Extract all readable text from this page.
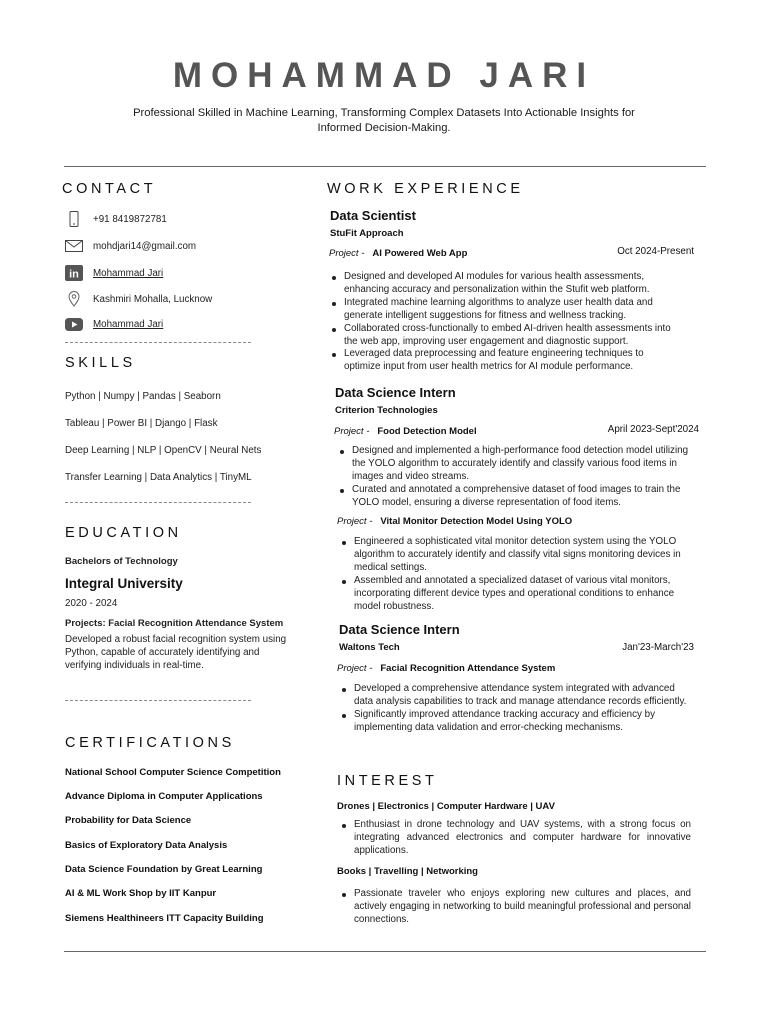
MOHAMMAD JARI
Professional Skilled in Machine Learning, Transforming Complex Datasets Into Actionable Insights for Informed Decision-Making.
CONTACT
+91 8419872781
mohdjari14@gmail.com
in Mohammad Jari
Kashmiri Mohalla, Lucknow
Mohammad Jari
SKILLS
Python | Numpy | Pandas | Seaborn
Tableau | Power BI | Django | Flask
Deep Learning | NLP | OpenCV | Neural Nets
Transfer Learning | Data Analytics | TinyML
EDUCATION
Bachelors of Technology
Integral University
2020 - 2024
Projects: Facial Recognition Attendance System
Developed a robust facial recognition system using Python, capable of accurately identifying and verifying individuals in real-time.
CERTIFICATIONS
National School Computer Science Competition
Advance Diploma in Computer Applications
Probability for Data Science
Basics of Exploratory Data Analysis
Data Science Foundation by Great Learning
AI & ML Work Shop by IIT Kanpur
Siemens Healthineers ITT Capacity Building
WORK EXPERIENCE
Data Scientist
StuFit Approach
Project - AI Powered Web App	Oct 2024-Present
Designed and developed AI modules for various health assessments, enhancing accuracy and personalization within the Stufit web platform.
Integrated machine learning algorithms to analyze user health data and generate intelligent suggestions for fitness and wellness tracking.
Collaborated cross-functionally to embed AI-driven health assessments into the web app, improving user engagement and diagnostic support.
Leveraged data preprocessing and feature engineering techniques to optimize input from user health metrics for AI module performance.
Data Science Intern
Criterion Technologies
Project - Food Detection Model	April 2023-Sept'2024
Designed and implemented a high-performance food detection model utilizing the YOLO algorithm to accurately identify and classify various food items in images and video streams.
Curated and annotated a comprehensive dataset of food images to train the YOLO model, ensuring a diverse representation of food items.
Project - Vital Monitor Detection Model Using YOLO
Engineered a sophisticated vital monitor detection system using the YOLO algorithm to accurately identify and classify vital signs monitoring devices in medical settings.
Assembled and annotated a specialized dataset of various vital monitors, incorporating different device types and operational conditions to enhance model robustness.
Data Science Intern
Waltons Tech	Jan'23-March'23
Project - Facial Recognition Attendance System
Developed a comprehensive attendance system integrated with advanced data analysis capabilities to track and manage attendance records efficiently.
Significantly improved attendance tracking accuracy and efficiency by implementing data validation and error-checking mechanisms.
INTEREST
Drones | Electronics | Computer Hardware | UAV
Enthusiast in drone technology and UAV systems, with a strong focus on integrating advanced electronics and computer hardware for innovative applications.
Books | Travelling | Networking
Passionate traveler who enjoys exploring new cultures and places, and actively engaging in networking to build meaningful professional and personal connections.
